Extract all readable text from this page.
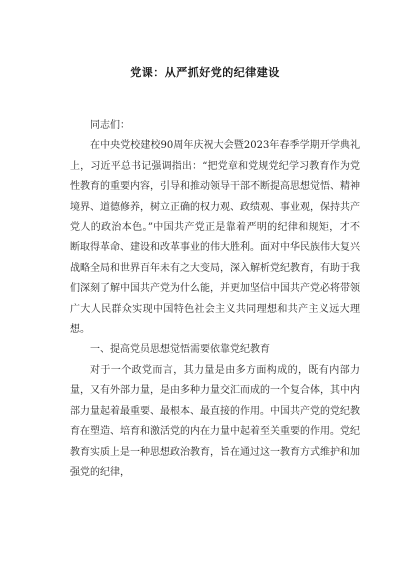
党课：从严抓好党的纪律建设

同志们：

在中央党校建校90周年庆祝大会暨2023年春季学期开学典礼上，习近平总书记强调指出：“把党章和党规党纪学习教育作为党性教育的重要内容，引导和推动领导干部不断提高思想觉悟、精神境界、道德修养，树立正确的权力观、政绩观、事业观，保持共产党人的政治本色。”中国共产党正是靠着严明的纪律和规矩，才不断取得革命、建设和改革事业的伟大胜利。面对中华民族伟大复兴战略全局和世界百年未有之大变局，深入解析党纪教育，有助于我们深刻了解中国共产党为什么能，并更加坚信中国共产党必将带领广大人民群众实现中国特色社会主义共同理想和共产主义远大理想。

一、提高党员思想觉悟需要依靠党纪教育

对于一个政党而言，其力量是由多方面构成的，既有内部力量，又有外部力量，是由多种力量交汇而成的一个复合体，其中内部力量起着最重要、最根本、最直接的作用。中国共产党的党纪教育在塑造、培育和激活党的内在力量中起着至关重要的作用。党纪教育实质上是一种思想政治教育，旨在通过这一教育方式维护和加强党的纪律，
